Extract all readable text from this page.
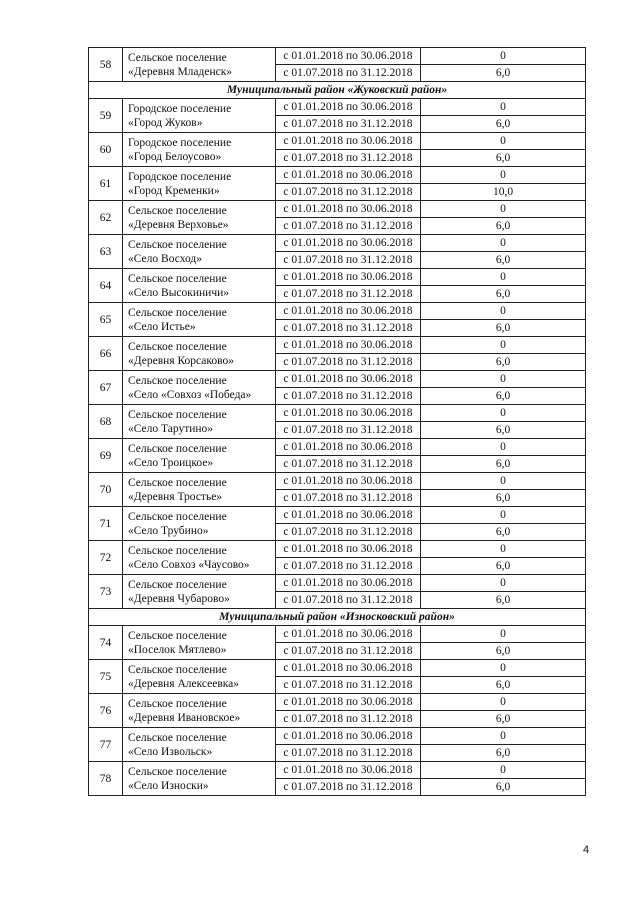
58	Сельское поселение
«Деревня Младенск»	с 01.01.2018 по 30.06.2018	0
		с 01.07.2018 по 31.12.2018	6,0
Муниципальный район «Жуковский район»			
59	Городское поселение
«Город Жуков»	с 01.01.2018 по 30.06.2018	0
		с 01.07.2018 по 31.12.2018	6,0
60	Городское поселение
«Город Белоусово»	с 01.01.2018 по 30.06.2018	0
		с 01.07.2018 по 31.12.2018	6,0
61	Городское поселение
«Город Кременки»	с 01.01.2018 по 30.06.2018	0
		с 01.07.2018 по 31.12.2018	10,0
62	Сельское поселение
«Деревня Верховье»	с 01.01.2018 по 30.06.2018	0
		с 01.07.2018 по 31.12.2018	6,0
63	Сельское поселение
«Село Восход»	с 01.01.2018 по 30.06.2018	0
		с 01.07.2018 по 31.12.2018	6,0
64	Сельское поселение
«Село Высокиничи»	с 01.01.2018 по 30.06.2018	0
		с 01.07.2018 по 31.12.2018	6,0
65	Сельское поселение
«Село Истье»	с 01.01.2018 по 30.06.2018	0
		с 01.07.2018 по 31.12.2018	6,0
66	Сельское поселение
«Деревня Корсаково»	с 01.01.2018 по 30.06.2018	0
		с 01.07.2018 по 31.12.2018	6,0
67	Сельское поселение
«Село «Совхоз «Победа»	с 01.01.2018 по 30.06.2018	0
		с 01.07.2018 по 31.12.2018	6,0
68	Сельское поселение
«Село Тарутино»	с 01.01.2018 по 30.06.2018	0
		с 01.07.2018 по 31.12.2018	6,0
69	Сельское поселение
«Село Троицкое»	с 01.01.2018 по 30.06.2018	0
		с 01.07.2018 по 31.12.2018	6,0
70	Сельское поселение
«Деревня Тростье»	с 01.01.2018 по 30.06.2018	0
		с 01.07.2018 по 31.12.2018	6,0
71	Сельское поселение
«Село Трубино»	с 01.01.2018 по 30.06.2018	0
		с 01.07.2018 по 31.12.2018	6,0
72	Сельское поселение
«Село Совхоз «Чаусово»	с 01.01.2018 по 30.06.2018	0
		с 01.07.2018 по 31.12.2018	6,0
73	Сельское поселение
«Деревня Чубарово»	с 01.01.2018 по 30.06.2018	0
		с 01.07.2018 по 31.12.2018	6,0
Муниципальный район «Износковский район»			
74	Сельское поселение
«Поселок Мятлево»	с 01.01.2018 по 30.06.2018	0
		с 01.07.2018 по 31.12.2018	6,0
75	Сельское поселение
«Деревня Алексеевка»	с 01.01.2018 по 30.06.2018	0
		с 01.07.2018 по 31.12.2018	6,0
76	Сельское поселение
«Деревня Ивановское»	с 01.01.2018 по 30.06.2018	0
		с 01.07.2018 по 31.12.2018	6,0
77	Сельское поселение
«Село Извольск»	с 01.01.2018 по 30.06.2018	0
		с 01.07.2018 по 31.12.2018	6,0
78	Сельское поселение
«Село Износки»	с 01.01.2018 по 30.06.2018	0
		с 01.07.2018 по 31.12.2018	6,0
4
